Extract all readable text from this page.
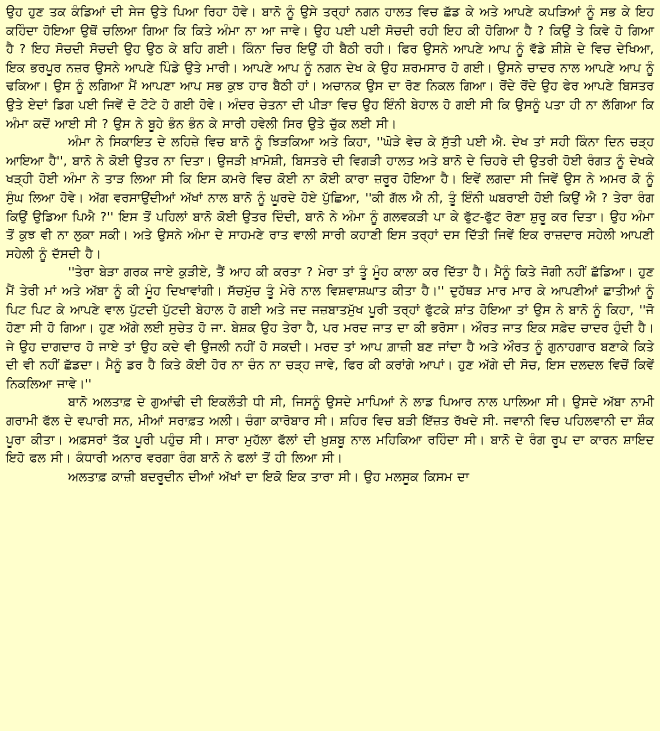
ਉਹ ਹੁਣ ਤਕ ਕੰਡਿਆਂ ਦੀ ਸੇਜ ਉਤੇ ਪਿਆ ਰਿਹਾ ਹੋਵੇ। ਬਾਨੋ ਨੂੰ ਉਸੇ ਤਰ੍ਹਾਂ ਨਗਨ ਹਾਲਤ ਵਿਚ ਛੱਡ ਕੇ ਅਤੇ ਆਪਣੇ ਕਪੜਿਆਂ ਨੂੰ ਸਭ ਕੇ ਇਹ ਕਹਿੰਦਾ ਹੋਇਆ ਉਥੋਂ ਚਲਿਆ ਗਿਆ ਕਿ ਕਿਤੇ ਅੰਮਾ ਨਾ ਆ ਜਾਵੇ। ਉਹ ਪਈ ਪਈ ਸੋਚਦੀ ਰਹੀ ਇਹ ਕੀ ਹੋਗਿਆ ਹੈ ? ਕਿਉਂ ਤੇ ਕਿਵੇ ਹੋ ਗਿਆ ਹੈ ? ਇਹ ਸੋਚਦੀ ਸੋਚਦੀ ਉਹ ਉਠ ਕੇ ਬਹਿ ਗਈ। ਕਿੰਨਾ ਚਿਰ ਇਉਂ ਹੀ ਬੈਠੀ ਰਹੀ। ਫਿਰ ਉਸਨੇ ਆਪਣੇ ਆਪ ਨੂੰ ਵੱਡੇ ਸ਼ੀਸ਼ੇ ਦੇ ਵਿਚ ਦੇਖਿਆ, ਇਕ ਭਰਪੂਰ ਨਜ਼ਰ ਉਸਨੇ ਆਪਣੇ ਪਿੰਡੇ ਉਤੇ ਮਾਰੀ। ਆਪਣੇ ਆਪ ਨੂੰ ਨਗਨ ਦੇਖ ਕੇ ਉਹ ਸ਼ਰਮਸਾਰ ਹੋ ਗਈ। ਉਸਨੇ ਚਾਦਰ ਨਾਲ ਆਪਣੇ ਆਪ ਨੂੰ ਢਕਿਆ। ਉਸ ਨੂੰ ਲਗਿਆ ਮੈਂ ਆਪਣਾ ਆਪ ਸਭ ਕੁਝ ਹਾਰ ਬੈਠੀ ਹਾਂ। ਅਚਾਨਕ ਉਸ ਦਾ ਰੋਣ ਨਿਕਲ ਗਿਆ। ਰੋਂਦੇ ਰੋਂਦੇ ਉਹ ਫੇਰ ਆਪਣੇ ਬਿਸਤਰ ਉਤੇ ਏਦਾਂ ਡਿਗ ਪਈ ਜਿਵੇਂ ਦੋ ਟੋਟੇ ਹੋ ਗਈ ਹੋਵੇ। ਅੰਦਰ ਚੇਤਨਾ ਦੀ ਪੀੜਾ ਵਿਚ ਉਹ ਇੰਨੀ ਬੇਹਾਲ ਹੋ ਗਈ ਸੀ ਕਿ ਉਸਨੂੰ ਪਤਾ ਹੀ ਨਾ ਲੱਗਿਆ ਕਿ ਅੰਮਾ ਕਦੋਂ ਆਈ ਸੀ ? ਉਸ ਨੇ ਬੂਹੇ ਭੰਨ ਭੰਨ ਕੇ ਸਾਰੀ ਹਵੇਲੀ ਸਿਰ ਉਤੇ ਚੁੱਕ ਲਈ ਸੀ।

ਅੰਮਾ ਨੇ ਸਿਕਾਇਤ ਦੇ ਲਹਿਜ਼ੇ ਵਿਚ ਬਾਨੋ ਨੂੰ ਝਿੜਕਿਆ ਅਤੇ ਕਿਹਾ, ''ਘੋੜੇ ਵੇਚ ਕੇ ਸੁੱਤੀ ਪਈ ਐ. ਦੇਖ ਤਾਂ ਸਹੀ ਕਿੰਨਾ ਦਿਨ ਚੜ੍ਹ ਆਇਆ ਹੈ'', ਬਾਨੋ ਨੇ ਕੋਈ ਉਤਰ ਨਾ ਦਿਤਾ। ਉਜੜੀ ਖ਼ਾਮੋਸ਼ੀ, ਬਿਸਤਰੇ ਦੀ ਵਿਗੜੀ ਹਾਲਤ ਅਤੇ ਬਾਨੋ ਦੇ ਚਿਹਰੇ ਦੀ ਉਤਰੀ ਹੋਈ ਰੰਗਤ ਨੂੰ ਦੇਖਕੇ ਖੜ੍ਹੀ ਹੋਈ ਅੰਮਾ ਨੇ ਤਾੜ ਲਿਆ ਸੀ ਕਿ ਇਸ ਕਮਰੇ ਵਿਚ ਕੋਈ ਨਾ ਕੋਈ ਕਾਰਾ ਜ਼ਰੂਰ ਹੋਇਆ ਹੈ। ਇਵੇਂ ਲਗਦਾ ਸੀ ਜਿਵੇਂ ਉਸ ਨੇ ਅਮਰ ਕੋ ਨੂੰ ਸੁੰਘ ਲਿਆ ਹੋਵੇ। ਅੱਗ ਵਰਸਾਉਂਦੀਆਂ ਅੱਖਾਂ ਨਾਲ ਬਾਨੋ ਨੂੰ ਘੂਰਦੇ ਹੋਏ ਪੁੱਛਿਆ, ''ਕੀ ਗੱਲ ਐ ਨੀ, ਤੂੰ ਇੰਨੀ ਘਬਰਾਈ ਹੋਈ ਕਿਉਂ ਐ ? ਤੇਰਾ ਰੰਗ ਕਿਉਂ ਉਡਿਆ ਪਿਐ ?'' ਇਸ ਤੋਂ ਪਹਿਲਾਂ ਬਾਨੋ ਕੋਈ ਉਤਰ ਦਿੰਦੀ, ਬਾਨੋ ਨੇ ਅੰਮਾ ਨੂੰ ਗਲਵਕੜੀ ਪਾ ਕੇ ਫੁੱਟ-ਫੁੱਟ ਰੋਣਾ ਸ਼ੁਰੂ ਕਰ ਦਿਤਾ। ਉਹ ਅੰਮਾ ਤੋਂ ਕੁਝ ਵੀ ਨਾ ਲੁਕਾ ਸਕੀ। ਅਤੇ ਉਸਨੇ ਅੰਮਾ ਦੇ ਸਾਹਮਣੇ ਰਾਤ ਵਾਲੀ ਸਾਰੀ ਕਹਾਣੀ ਇਸ ਤਰ੍ਹਾਂ ਦਸ ਦਿੱਤੀ ਜਿਵੇਂ ਇਕ ਰਾਜ਼ਦਾਰ ਸਹੇਲੀ ਆਪਣੀ ਸਹੇਲੀ ਨੂੰ ਦੱਸਦੀ ਹੈ।

''ਤੇਰਾ ਬੇੜਾ ਗਰਕ ਜਾਏ ਕੁੜੀਏ, ਤੈਂ ਆਹ ਕੀ ਕਰਤਾ ? ਮੇਰਾ ਤਾਂ ਤੂੰ ਮੂੰਹ ਕਾਲਾ ਕਰ ਦਿੱਤਾ ਹੈ। ਮੈਨੂੰ ਕਿਤੇ ਜੋਗੀ ਨਹੀਂ ਛੱਡਿਆ। ਹੁਣ ਮੈਂ ਤੇਰੀ ਮਾਂ ਅਤੇ ਅੱਬਾ ਨੂੰ ਕੀ ਮੂੰਹ ਦਿਖਾਵਾਂਗੀ। ਸੱਚਮੁੱਚ ਤੂੰ ਮੇਰੇ ਨਾਲ ਵਿਸ਼ਵਾਸ਼ਘਾਤ ਕੀਤਾ ਹੈ।'' ਦੁਹੱਥੜ ਮਾਰ ਮਾਰ ਕੇ ਆਪਣੀਆਂ ਛਾਤੀਆਂ ਨੂੰ ਪਿਟ ਪਿਟ ਕੇ ਆਪਣੇ ਵਾਲ ਪੁੱਟਦੀ ਪੁੱਟਦੀ ਬੇਹਾਲ ਹੋ ਗਈ ਅਤੇ ਜਦ ਜਜ਼ਬਾਤਮੁੱਖ ਪੂਰੀ ਤਰ੍ਹਾਂ ਫੁੱਟਕੇ ਸ਼ਾਂਤ ਹੋਇਆ ਤਾਂ ਉਸ ਨੇ ਬਾਨੋ ਨੂੰ ਕਿਹਾ, ''ਜੋ ਹੋਣਾ ਸੀ ਹੋ ਗਿਆ। ਹੁਣ ਅੱਗੇ ਲਈ ਸੁਚੇਤ ਹੋ ਜਾ. ਬੇਸ਼ਕ ਉਹ ਤੇਰਾ ਹੈ, ਪਰ ਮਰਦ ਜਾਤ ਦਾ ਕੀ ਭਰੋਸਾ। ਔਰਤ ਜਾਤ ਇਕ ਸਫ਼ੇਦ ਚਾਦਰ ਹੁੰਦੀ ਹੈ। ਜੇ ਉਹ ਦਾਗਦਾਰ ਹੋ ਜਾਏ ਤਾਂ ਉਹ ਕਦੇ ਵੀ ਉਜਲੀ ਨਹੀਂ ਹੋ ਸਕਦੀ। ਮਰਦ ਤਾਂ ਆਪ ਗ਼ਾਜ਼ੀ ਬਣ ਜਾਂਦਾ ਹੈ ਅਤੇ ਔਰਤ ਨੂੰ ਗੁਨਾਹਗਾਰ ਬਣਾਕੇ ਕਿਤੇ ਦੀ ਵੀ ਨਹੀਂ ਛੱਡਦਾ। ਮੈਨੂੰ ਡਰ ਹੈ ਕਿਤੇ ਕੋਈ ਹੋਰ ਨਾ ਚੰਨ ਨਾ ਚੜ੍ਹ ਜਾਵੇ, ਫਿਰ ਕੀ ਕਰਾਂਗੇ ਆਪਾਂ। ਹੁਣ ਅੱਗੇ ਦੀ ਸੋਚ, ਇਸ ਦਲਦਲ ਵਿਚੋਂ ਕਿਵੇਂ ਨਿਕਲਿਆ ਜਾਵੇ।''

ਬਾਨੋ ਅਲਤਾਫ਼ ਦੇ ਗੁਆਂਢੀ ਦੀ ਇਕਲੌਤੀ ਧੀ ਸੀ, ਜਿਸਨੂੰ ਉਸਦੇ ਮਾਪਿਆਂ ਨੇ ਲਾਡ ਪਿਆਰ ਨਾਲ ਪਾਲਿਆ ਸੀ। ਉਸਦੇ ਅੱਬਾ ਨਾਮੀ ਗਰਾਮੀ ਫੱਲ ਦੇ ਵਪਾਰੀ ਸਨ, ਮੀਆਂ ਸਰਾਫ਼ਤ ਅਲੀ। ਚੰਗਾ ਕਾਰੋਬਾਰ ਸੀ। ਸ਼ਹਿਰ ਵਿਚ ਬੜੀ ਇੱਜ਼ਤ ਰੱਖਦੇ ਸੀ. ਜਵਾਨੀ ਵਿਚ ਪਹਿਲਵਾਨੀ ਦਾ ਸ਼ੌਕ ਪੂਰਾ ਕੀਤਾ। ਅਫ਼ਸਰਾਂ ਤੱਕ ਪੂਰੀ ਪਹੁੰਚ ਸੀ। ਸਾਰਾ ਮੁਹੱਲਾ ਫੱਲਾਂ ਦੀ ਖ਼ੁਸ਼ਬੂ ਨਾਲ ਮਹਿਕਿਆ ਰਹਿੰਦਾ ਸੀ। ਬਾਨੋ ਦੇ ਰੰਗ ਰੂਪ ਦਾ ਕਾਰਨ ਸ਼ਾਇਦ ਇਹੋ ਫਲ ਸੀ। ਕੰਧਾਰੀ ਅਨਾਰ ਵਰਗਾ ਰੰਗ ਬਾਨੋ ਨੇ ਫਲਾਂ ਤੋਂ ਹੀ ਲਿਆ ਸੀ।

ਅਲਤਾਫ਼ ਕਾਜ਼ੀ ਬਦਰੂਦੀਨ ਦੀਆਂ ਅੱਖਾਂ ਦਾ ਇਕੋ ਇਕ ਤਾਰਾ ਸੀ। ਉਹ ਮਲਸੂਕ ਕਿਸਮ ਦਾ
